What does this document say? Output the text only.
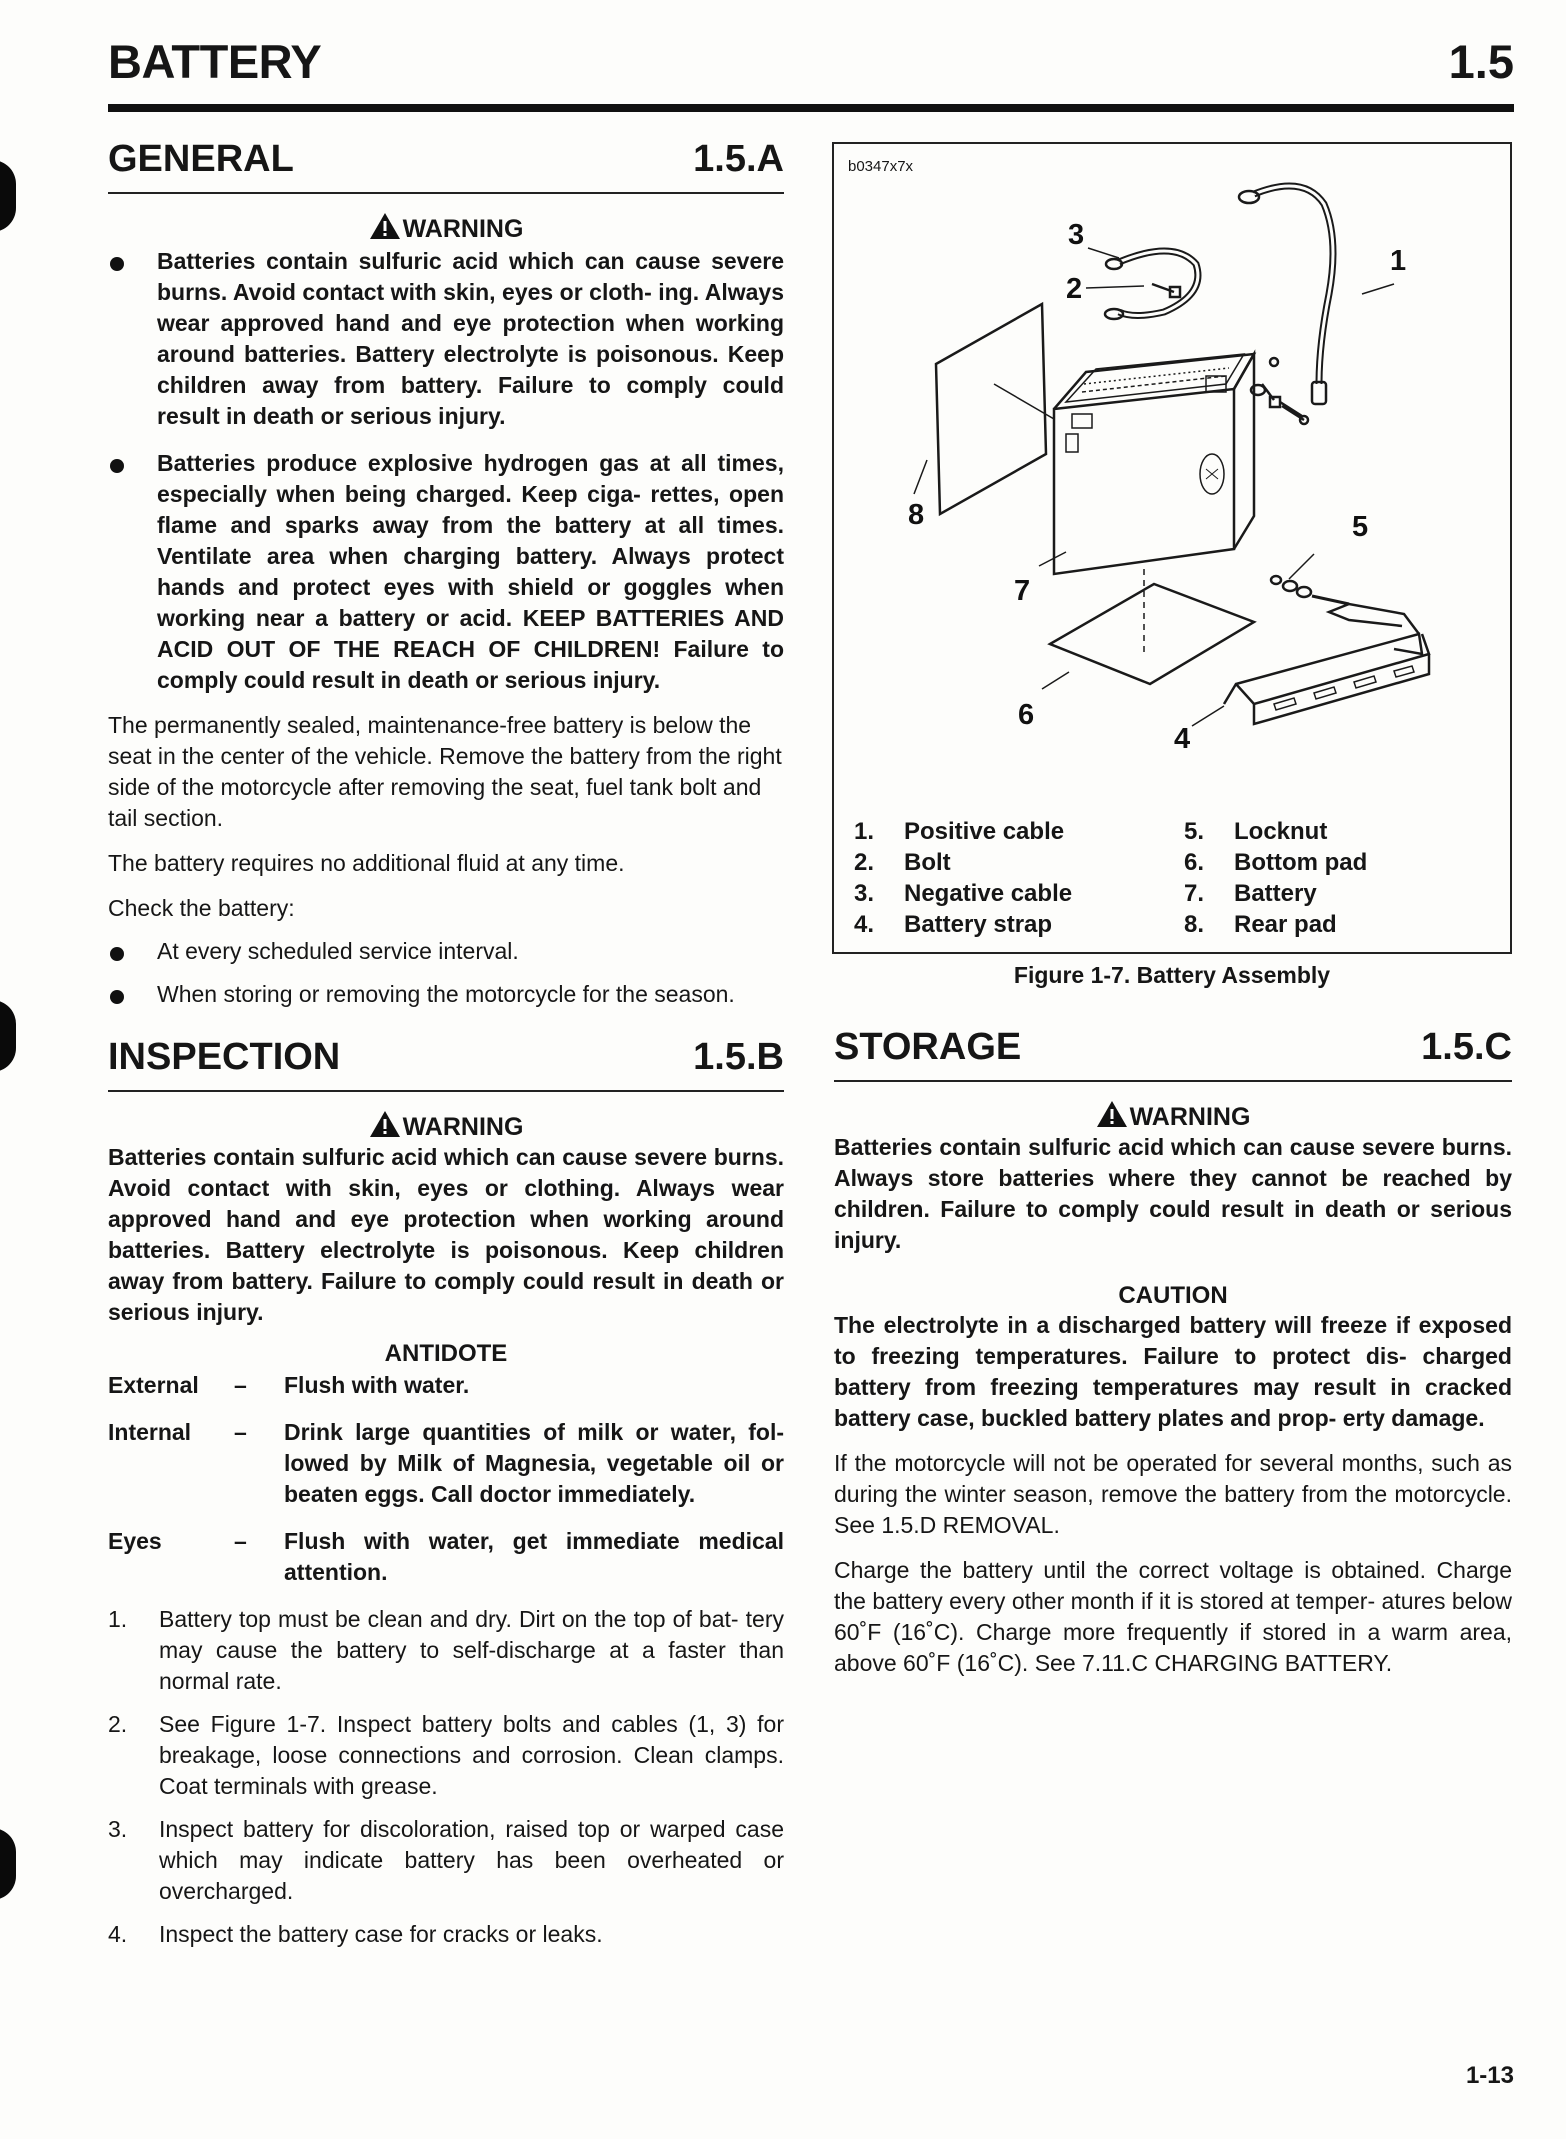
BATTERY	1.5
GENERAL	1.5.A
WARNING

Batteries contain sulfuric acid which can cause severe burns. Avoid contact with skin, eyes or cloth- ing. Always wear approved hand and eye protection when working around batteries. Battery electrolyte is poisonous. Keep children away from battery. Failure to comply could result in death or serious injury.

Batteries produce explosive hydrogen gas at all times, especially when being charged. Keep ciga- rettes, open flame and sparks away from the battery at all times. Ventilate area when charging battery. Always protect hands and protect eyes with shield or goggles when working near a battery or acid. KEEP BATTERIES AND ACID OUT OF THE REACH OF CHILDREN! Failure to comply could result in death or serious injury.

The permanently sealed, maintenance-free battery is below the seat in the center of the vehicle. Remove the battery from the right side of the motorcycle after removing the seat, fuel tank bolt and tail section.

The battery requires no additional fluid at any time.

Check the battery:

At every scheduled service interval.

When storing or removing the motorcycle for the season.

INSPECTION	1.5.B
WARNING

Batteries contain sulfuric acid which can cause severe burns. Avoid contact with skin, eyes or clothing. Always wear approved hand and eye protection when working around batteries. Battery electrolyte is poisonous. Keep children away from battery. Failure to comply could result in death or serious injury.

ANTIDOTE
External –	Flush with water.

Internal –	Drink large quantities of milk or water, fol- lowed by Milk of Magnesia, vegetable oil or beaten eggs. Call doctor immediately.

Eyes	–	Flush with water, get immediate medical attention.

1. Battery top must be clean and dry. Dirt on the top of bat- tery may cause the battery to self-discharge at a faster than normal rate.

2. See Figure 1-7. Inspect battery bolts and cables (1, 3) for breakage, loose connections and corrosion. Clean clamps. Coat terminals with grease.

3. Inspect battery for discoloration, raised top or warped case which may indicate battery has been overheated or overcharged.

4. Inspect the battery case for cracks or leaks.

b0347x7x
1
2
3
4
5
6
7
8
1. Positive cable
2. Bolt
3. Negative cable
4. Battery strap
5. Locknut
6. Bottom pad
7. Battery
8. Rear pad
Figure 1-7. Battery Assembly
STORAGE	1.5.C
WARNING

Batteries contain sulfuric acid which can cause severe burns. Always store batteries where they cannot be reached by children. Failure to comply could result in death or serious injury.

CAUTION

The electrolyte in a discharged battery will freeze if exposed to freezing temperatures. Failure to protect dis- charged battery from freezing temperatures may result in cracked battery case, buckled battery plates and prop- erty damage.

If the motorcycle will not be operated for several months, such as during the winter season, remove the battery from the motorcycle. See 1.5.D REMOVAL.

Charge the battery until the correct voltage is obtained. Charge the battery every other month if it is stored at temper- atures below 60˚F (16˚C). Charge more frequently if stored in a warm area, above 60˚F (16˚C). See 7.11.C CHARGING BATTERY.

1-13
